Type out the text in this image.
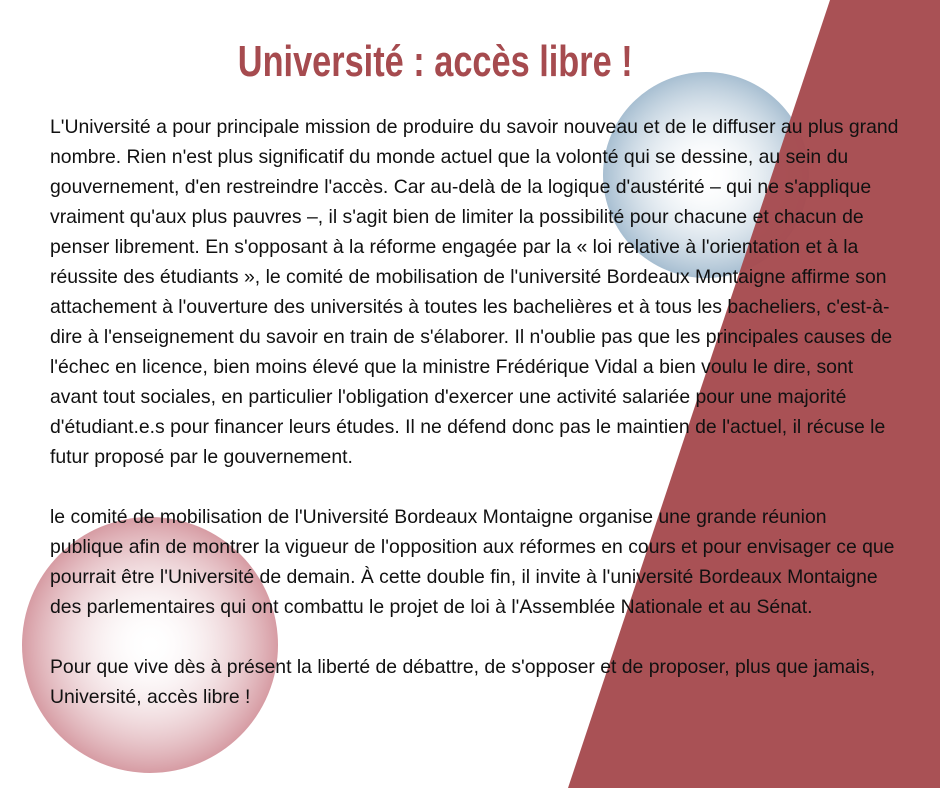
Université : accès libre !

L'Université a pour principale mission de produire du savoir nouveau et de le diffuser au plus grand nombre. Rien n'est plus significatif du monde actuel que la volonté qui se dessine, au sein du gouvernement, d'en restreindre l'accès. Car au-delà de la logique d'austérité – qui ne s'applique vraiment qu'aux plus pauvres –, il s'agit bien de limiter la possibilité pour chacune et chacun de penser librement. En s'opposant à la réforme engagée par la « loi relative à l'orientation et à la réussite des étudiants », le comité de mobilisation de l'université Bordeaux Montaigne affirme son attachement à l'ouverture des universités à toutes les bachelières et à tous les bacheliers, c'est-à-dire à l'enseignement du savoir en train de s'élaborer. Il n'oublie pas que les principales causes de l'échec en licence, bien moins élevé que la ministre Frédérique Vidal a bien voulu le dire, sont avant tout sociales, en particulier l'obligation d'exercer une activité salariée pour une majorité d'étudiant.e.s pour financer leurs études. Il ne défend donc pas le maintien de l'actuel, il récuse le futur proposé par le gouvernement.

le comité de mobilisation de l'Université Bordeaux Montaigne organise une grande réunion publique afin de montrer la vigueur de l'opposition aux réformes en cours et pour envisager ce que pourrait être l'Université de demain. À cette double fin, il invite à l'université Bordeaux Montaigne des parlementaires qui ont combattu le projet de loi à l'Assemblée Nationale et au Sénat.

Pour que vive dès à présent la liberté de débattre, de s'opposer et de proposer, plus que jamais, Université, accès libre !
